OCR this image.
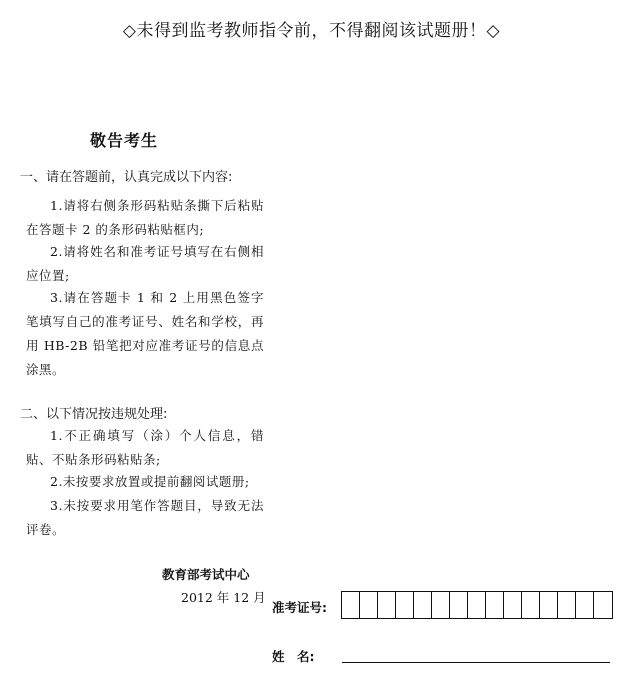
◇未得到监考教师指令前，不得翻阅该试题册！◇
敬告考生
一、请在答题前，认真完成以下内容:
1.请将右侧条形码粘贴条撕下后粘贴在答题卡 2 的条形码粘贴框内;
2.请将姓名和准考证号填写在右侧相应位置;
3.请在答题卡 1 和 2 上用黑色签字笔填写自己的准考证号、姓名和学校，再用 HB-2B 铅笔把对应准考证号的信息点涂黑。
二、以下情况按违规处理:
1.不正确填写（涂）个人信息，错贴、不贴条形码粘贴条;
2.未按要求放置或提前翻阅试题册;
3.未按要求用笔作答题目，导致无法评卷。
教育部考试中心
2012 年 12 月
准考证号:
姓　名:
